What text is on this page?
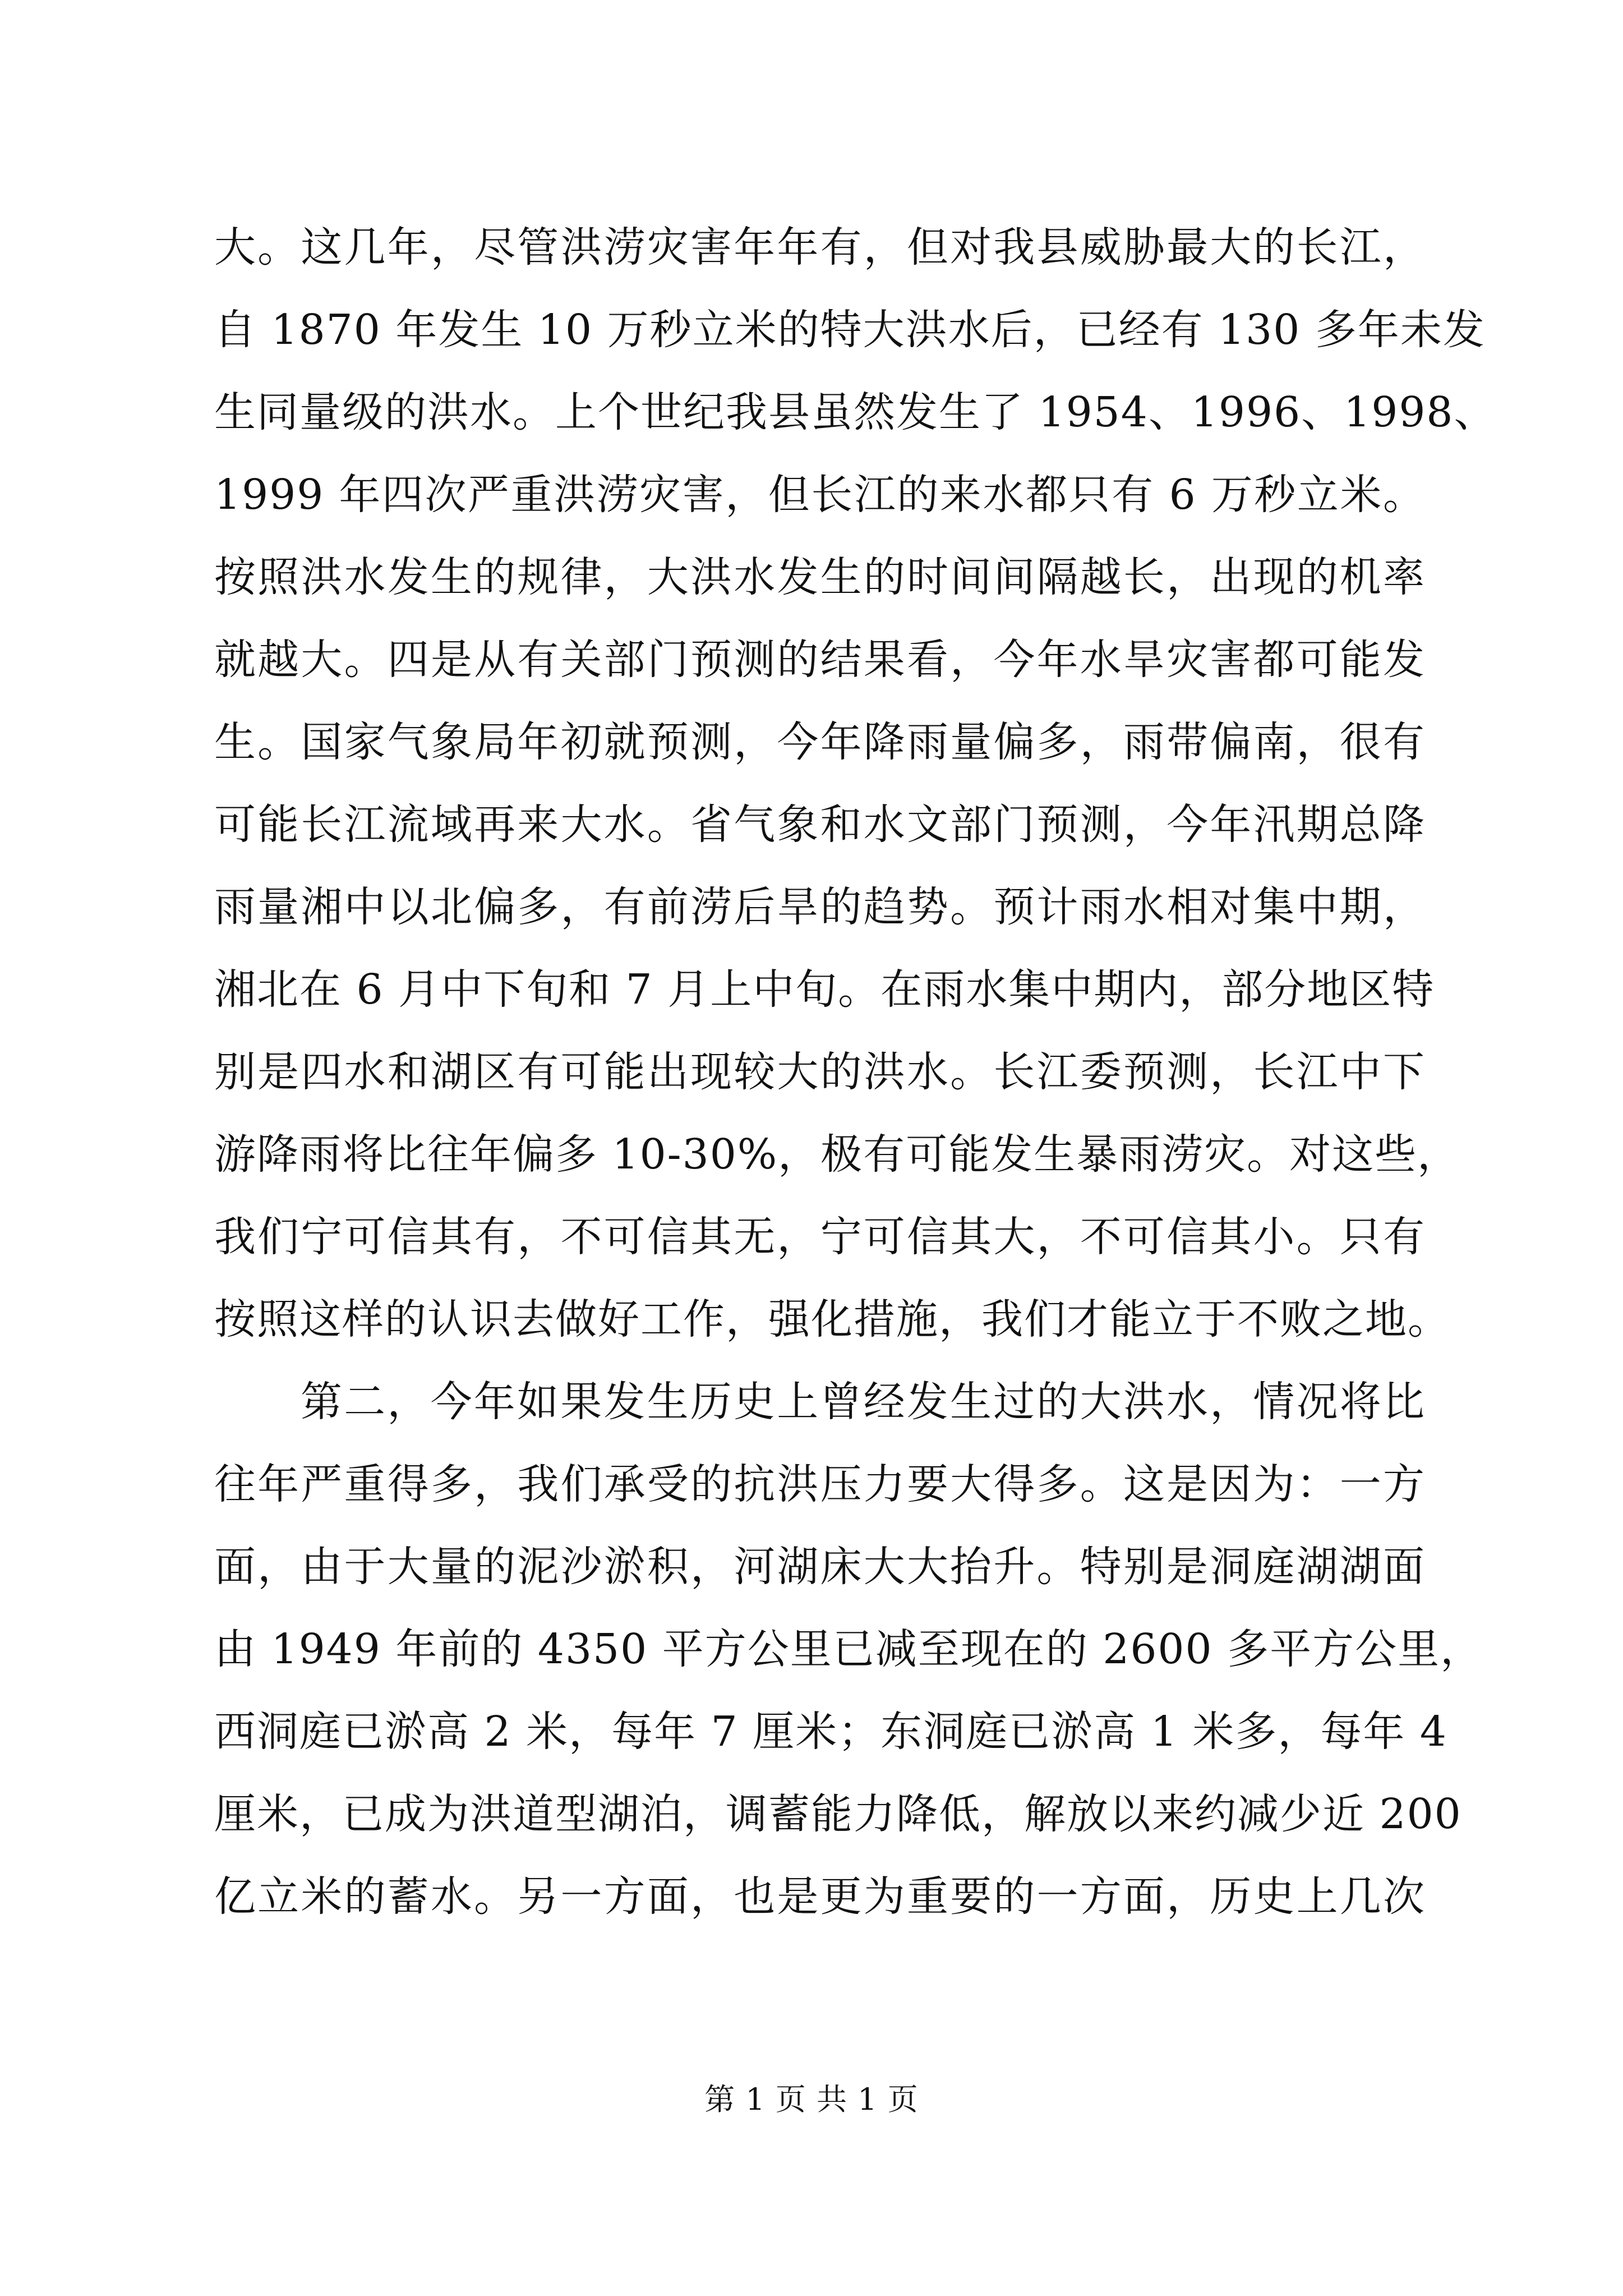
大。这几年，尽管洪涝灾害年年有，但对我县威胁最大的长江，
自 1870 年发生 10 万秒立米的特大洪水后，已经有 130 多年未发
生同量级的洪水。上个世纪我县虽然发生了 1954、1996、1998、
1999 年四次严重洪涝灾害，但长江的来水都只有 6 万秒立米。
按照洪水发生的规律，大洪水发生的时间间隔越长，出现的机率
就越大。四是从有关部门预测的结果看，今年水旱灾害都可能发
生。国家气象局年初就预测，今年降雨量偏多，雨带偏南，很有
可能长江流域再来大水。省气象和水文部门预测，今年汛期总降
雨量湘中以北偏多，有前涝后旱的趋势。预计雨水相对集中期，
湘北在 6 月中下旬和 7 月上中旬。在雨水集中期内，部分地区特
别是四水和湖区有可能出现较大的洪水。长江委预测，长江中下
游降雨将比往年偏多 10-30%，极有可能发生暴雨涝灾。对这些，
我们宁可信其有，不可信其无，宁可信其大，不可信其小。只有
按照这样的认识去做好工作，强化措施，我们才能立于不败之地。
第二，今年如果发生历史上曾经发生过的大洪水，情况将比
往年严重得多，我们承受的抗洪压力要大得多。这是因为：一方
面，由于大量的泥沙淤积，河湖床大大抬升。特别是洞庭湖湖面
由 1949 年前的 4350 平方公里已减至现在的 2600 多平方公里，
西洞庭已淤高 2 米，每年 7 厘米；东洞庭已淤高 1 米多，每年 4
厘米，已成为洪道型湖泊，调蓄能力降低，解放以来约减少近 200
亿立米的蓄水。另一方面，也是更为重要的一方面，历史上几次
第 1 页 共 1 页
